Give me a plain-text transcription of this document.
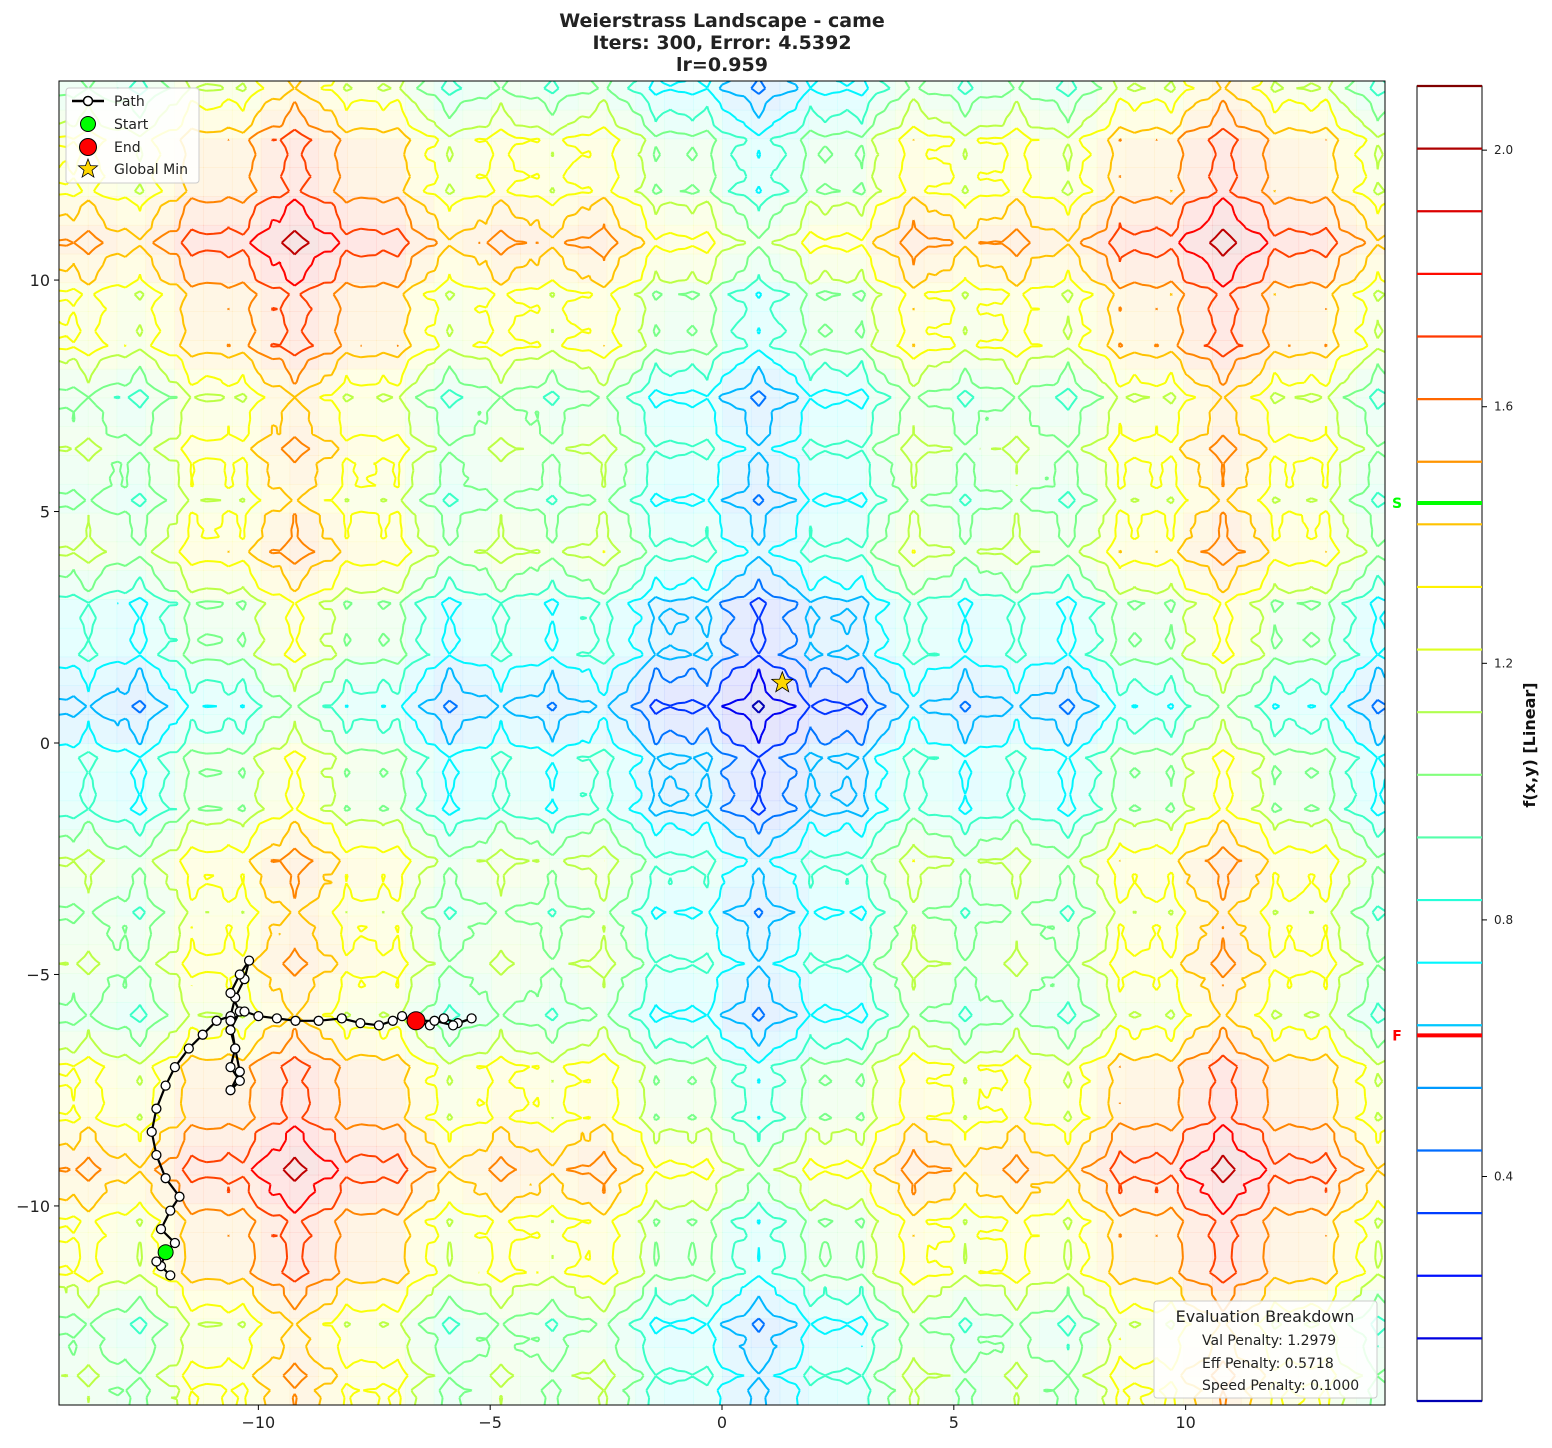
Weierstrass Landscape - came
Iters: 300, Error: 4.5392
lr=0.959
−10	−5	0	5	10
−10
−5
0
5
10
Path
Start
End
Global Min
Evaluation Breakdown
Val Penalty: 1.2979
Eff Penalty: 0.5718
Speed Penalty: 0.1000
0.4
0.8
1.2
1.6
2.0
S
F
f(x,y) [Linear]
